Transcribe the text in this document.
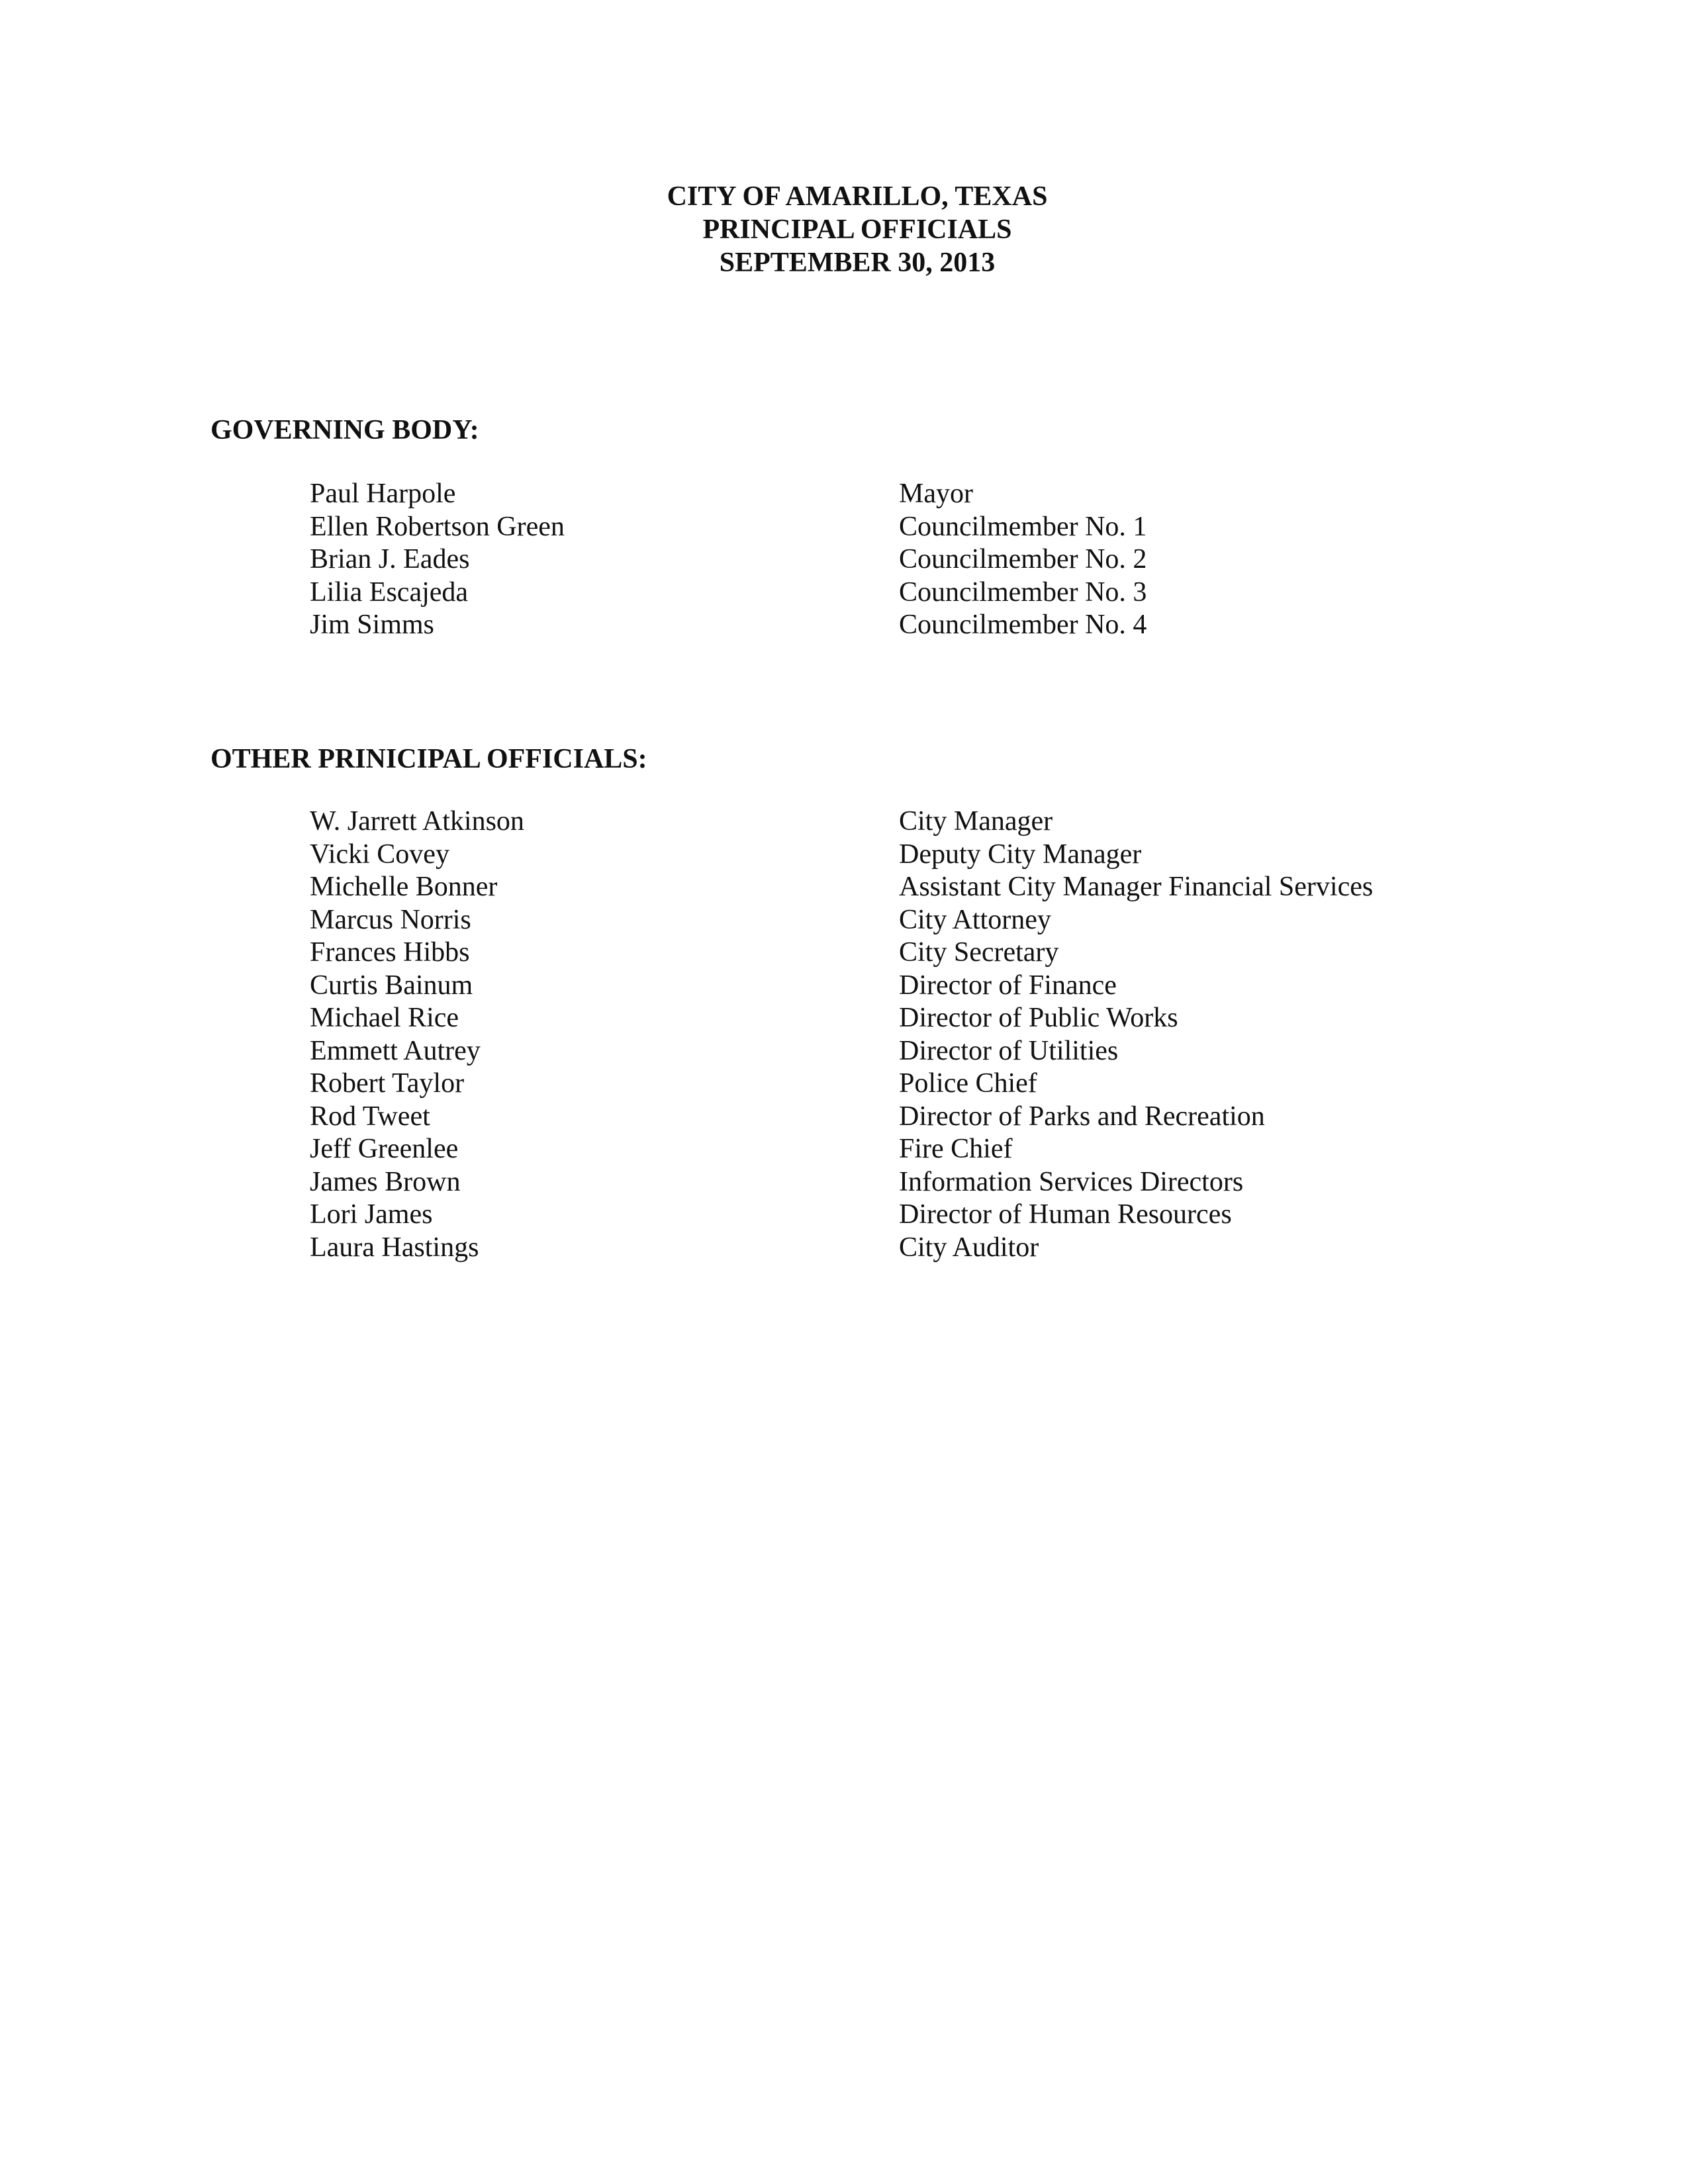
CITY OF AMARILLO, TEXAS
PRINCIPAL OFFICIALS
SEPTEMBER 30, 2013
GOVERNING BODY:
Paul Harpole	Mayor
Ellen Robertson Green	Councilmember No. 1
Brian J. Eades	Councilmember No. 2
Lilia Escajeda	Councilmember No. 3
Jim Simms	Councilmember No. 4
OTHER PRINICIPAL OFFICIALS:
W. Jarrett Atkinson	City Manager
Vicki Covey	Deputy City Manager
Michelle Bonner	Assistant City Manager Financial Services
Marcus Norris	City Attorney
Frances Hibbs	City Secretary
Curtis Bainum	Director of Finance
Michael Rice	Director of Public Works
Emmett Autrey	Director of Utilities
Robert Taylor	Police Chief
Rod Tweet	Director of Parks and Recreation
Jeff Greenlee	Fire Chief
James Brown	Information Services Directors
Lori James	Director of Human Resources
Laura Hastings	City Auditor
